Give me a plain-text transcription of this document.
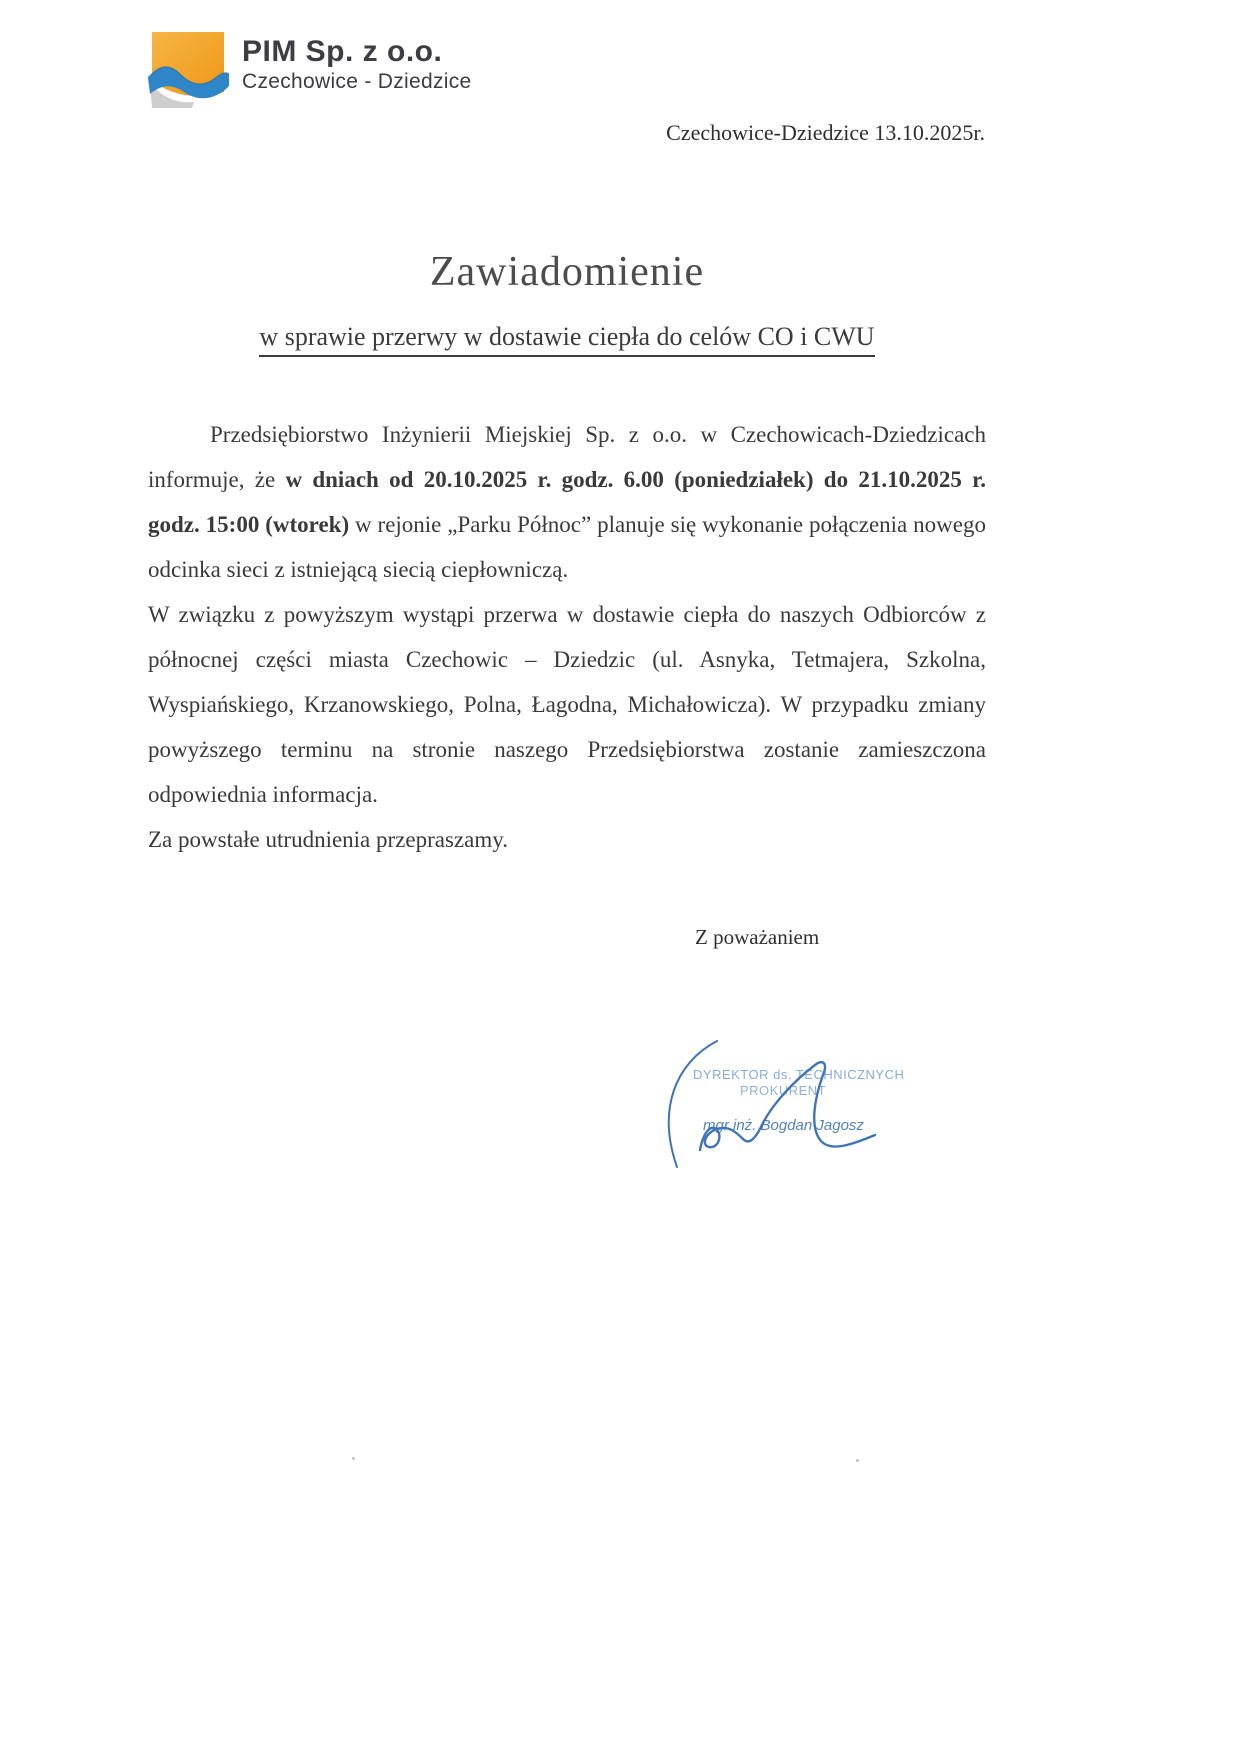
PIM Sp. z o.o.
Czechowice - Dziedzice
Czechowice-Dziedzice 13.10.2025r.
Zawiadomienie
w sprawie przerwy w dostawie ciepła do celów CO i CWU

Przedsiębiorstwo Inżynierii Miejskiej Sp. z o.o. w Czechowicach-Dziedzicach informuje, że w dniach od 20.10.2025 r. godz. 6.00 (poniedziałek) do 21.10.2025 r. godz. 15:00 (wtorek) w rejonie „Parku Północ” planuje się wykonanie połączenia nowego odcinka sieci z istniejącą siecią ciepłowniczą.

W związku z powyższym wystąpi przerwa w dostawie ciepła do naszych Odbiorców z północnej części miasta Czechowic – Dziedzic (ul. Asnyka, Tetmajera, Szkolna, Wyspiańskiego, Krzanowskiego, Polna, Łagodna, Michałowicza). W przypadku zmiany powyższego terminu na stronie naszego Przedsiębiorstwa zostanie zamieszczona odpowiednia informacja.

Za powstałe utrudnienia przepraszamy.

Z poważaniem
DYREKTOR ds. TECHNICZNYCH
PROKURENT
mgr inż. Bogdan Jagosz
